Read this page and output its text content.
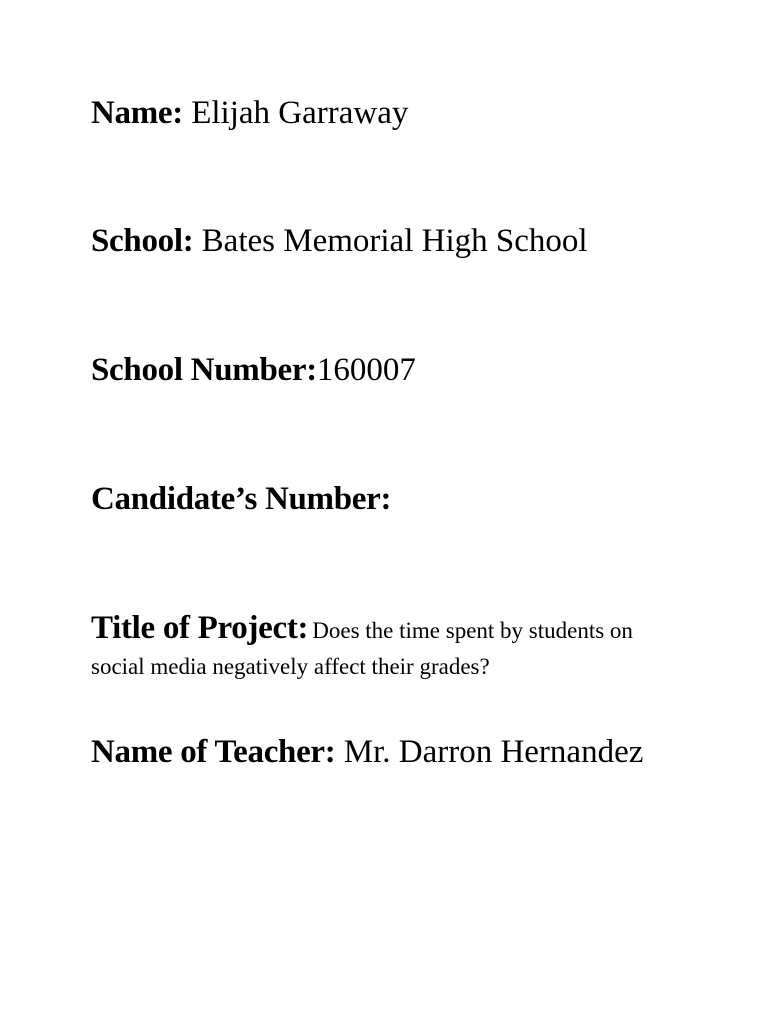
Name: Elijah Garraway
School: Bates Memorial High School
School Number:160007
Candidate’s Number:
Title of Project: Does the time spent by students on
social media negatively affect their grades?
Name of Teacher: Mr. Darron Hernandez
